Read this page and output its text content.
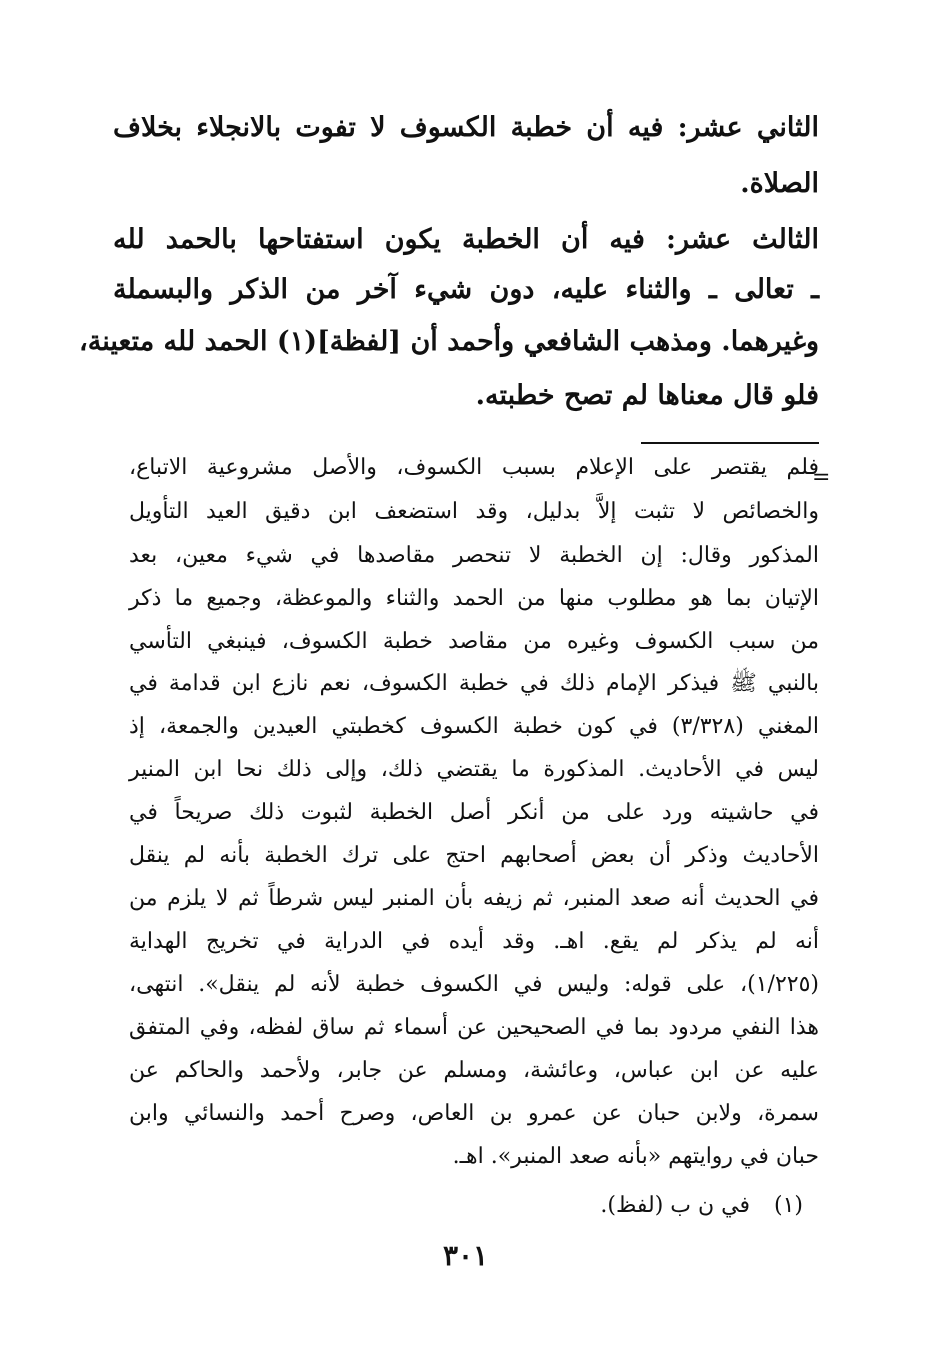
الثاني عشر: فيه أن خطبة الكسوف لا تفوت بالانجلاء بخلاف
الصلاة.
الثالث عشر: فيه أن الخطبة يكون استفتاحها بالحمد لله
ـ تعالى ـ والثناء عليه، دون شيء آخر من الذكر والبسملة
وغيرهما. ومذهب الشافعي وأحمد أن [لفظة](١) الحمد لله متعينة،
فلو قال معناها لم تصح خطبته.
=
فلم يقتصر على الإعلام بسبب الكسوف، والأصل مشروعية الاتباع،
والخصائص لا تثبت إلاَّ بدليل، وقد استضعف ابن دقيق العيد التأويل
المذكور وقال: إن الخطبة لا تنحصر مقاصدها في شيء معين، بعد
الإتيان بما هو مطلوب منها من الحمد والثناء والموعظة، وجميع ما ذكر
من سبب الكسوف وغيره من مقاصد خطبة الكسوف، فينبغي التأسي
بالنبي ﷺ فيذكر الإمام ذلك في خطبة الكسوف، نعم نازع ابن قدامة في
المغني (٣/٣٢٨) في كون خطبة الكسوف كخطبتي العيدين والجمعة، إذ
ليس في الأحاديث. المذكورة ما يقتضي ذلك، وإلى ذلك نحا ابن المنير
في حاشيته ورد على من أنكر أصل الخطبة لثبوت ذلك صريحاً في
الأحاديث وذكر أن بعض أصحابهم احتج على ترك الخطبة بأنه لم ينقل
في الحديث أنه صعد المنبر، ثم زيفه بأن المنبر ليس شرطاً ثم لا يلزم من
أنه لم يذكر لم يقع. اهـ. وقد أيده في الدراية في تخريج الهداية
(١/٢٢٥)، على قوله: وليس في الكسوف خطبة لأنه لم ينقل». انتهى،
هذا النفي مردود بما في الصحيحين عن أسماء ثم ساق لفظه، وفي المتفق
عليه عن ابن عباس، وعائشة، ومسلم عن جابر، ولأحمد والحاكم عن
سمرة، ولابن حبان عن عمرو بن العاص، وصرح أحمد والنسائي وابن
حبان في روايتهم «بأنه صعد المنبر». اهـ.
(١) في ن ب (لفظ).
٣٠١
